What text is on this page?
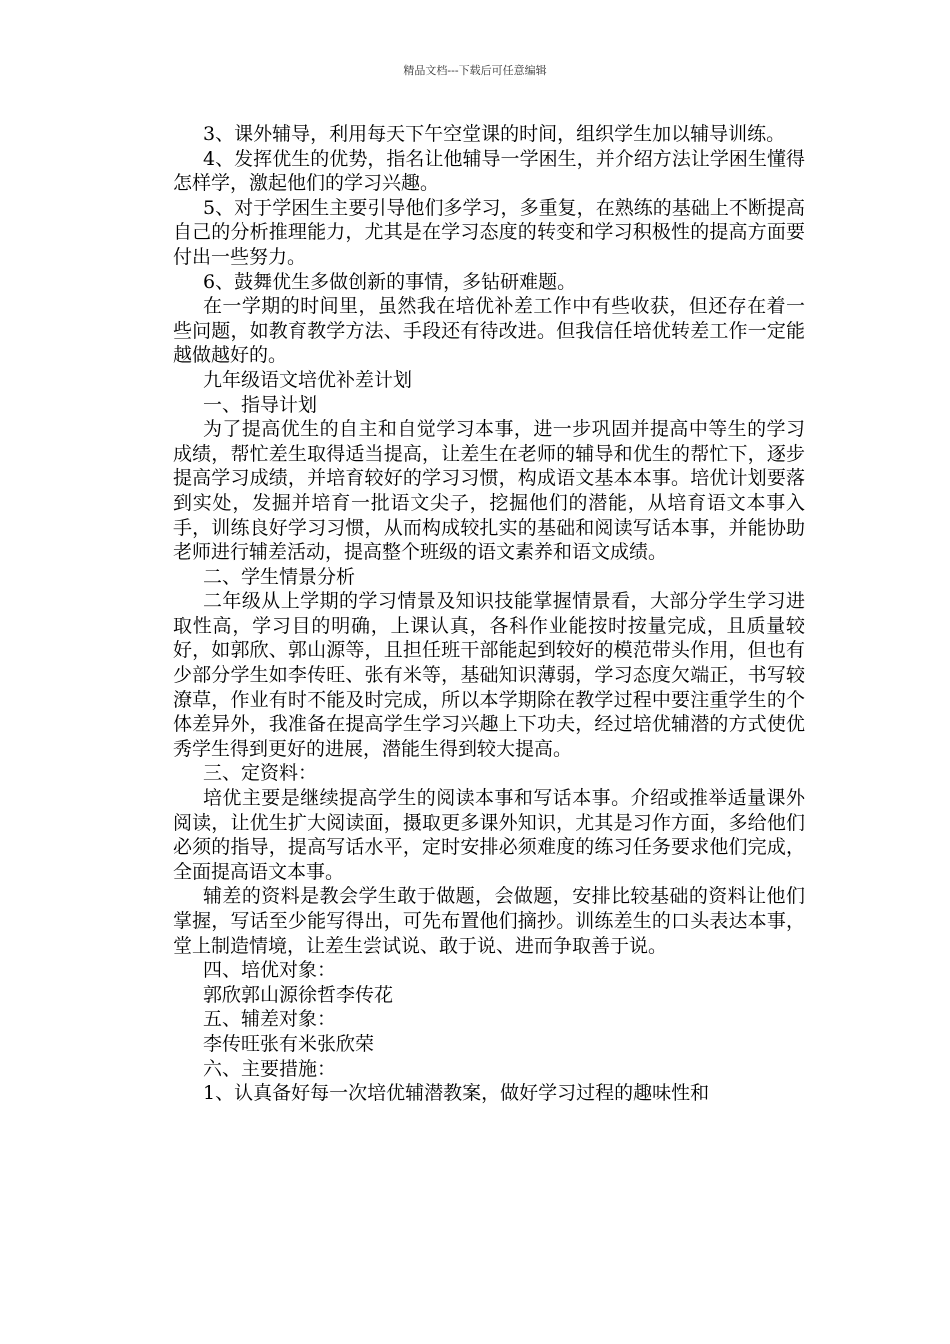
精品文档---下载后可任意编辑

3、课外辅导，利用每天下午空堂课的时间，组织学生加以辅导训练。

4、发挥优生的优势，指名让他辅导一学困生，并介绍方法让学困生懂得怎样学，激起他们的学习兴趣。

5、对于学困生主要引导他们多学习，多重复，在熟练的基础上不断提高自己的分析推理能力，尤其是在学习态度的转变和学习积极性的提高方面要付出一些努力。

6、鼓舞优生多做创新的事情，多钻研难题。

在一学期的时间里，虽然我在培优补差工作中有些收获，但还存在着一些问题，如教育教学方法、手段还有待改进。但我信任培优转差工作一定能越做越好的。

九年级语文培优补差计划

一、指导计划

为了提高优生的自主和自觉学习本事，进一步巩固并提高中等生的学习成绩，帮忙差生取得适当提高，让差生在老师的辅导和优生的帮忙下，逐步提高学习成绩，并培育较好的学习习惯，构成语文基本本事。培优计划要落到实处，发掘并培育一批语文尖子，挖掘他们的潜能，从培育语文本事入手，训练良好学习习惯，从而构成较扎实的基础和阅读写话本事，并能协助老师进行辅差活动，提高整个班级的语文素养和语文成绩。

二、学生情景分析

二年级从上学期的学习情景及知识技能掌握情景看，大部分学生学习进取性高，学习目的明确，上课认真，各科作业能按时按量完成，且质量较好，如郭欣、郭山源等，且担任班干部能起到较好的模范带头作用，但也有少部分学生如李传旺、张有米等，基础知识薄弱，学习态度欠端正，书写较潦草，作业有时不能及时完成，所以本学期除在教学过程中要注重学生的个体差异外，我准备在提高学生学习兴趣上下功夫，经过培优辅潜的方式使优秀学生得到更好的进展，潜能生得到较大提高。

三、定资料：

培优主要是继续提高学生的阅读本事和写话本事。介绍或推举适量课外阅读，让优生扩大阅读面，摄取更多课外知识，尤其是习作方面，多给他们必须的指导，提高写话水平，定时安排必须难度的练习任务要求他们完成，全面提高语文本事。

辅差的资料是教会学生敢于做题，会做题，安排比较基础的资料让他们掌握，写话至少能写得出，可先布置他们摘抄。训练差生的口头表达本事，堂上制造情境，让差生尝试说、敢于说、进而争取善于说。

四、培优对象：

郭欣郭山源徐哲李传花

五、辅差对象：

李传旺张有米张欣荣

六、主要措施：

1、认真备好每一次培优辅潜教案，做好学习过程的趣味性和
